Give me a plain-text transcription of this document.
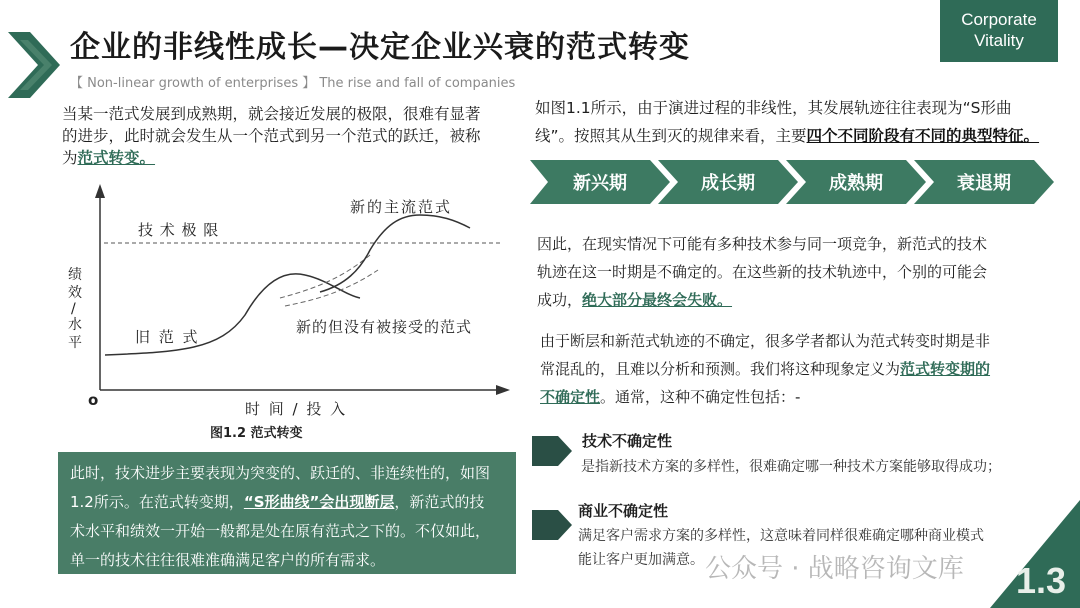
企业的非线性成长—决定企业兴衰的范式转变
【 Non-linear growth of enterprises 】 The rise and fall of companies
Corporate
Vitality
当某一范式发展到成熟期，就会接近发展的极限，很难有显著
的进步，此时就会发生从一个范式到另一个范式的跃迁，被称
为范式转变。
技 术 极 限
新的主流范式
旧 范 式
新的但没有被接受的范式
绩
效
/
水
平
o	时 间 / 投 入
图1.2 范式转变
此时，技术进步主要表现为突变的、跃迁的、非连续性的，如图
1.2所示。在范式转变期，“S形曲线”会出现断层，新范式的技
术水平和绩效一开始一般都是处在原有范式之下的。不仅如此，
单一的技术往往很难准确满足客户的所有需求。
如图1.1所示，由于演进过程的非线性，其发展轨迹往往表现为“S形曲
线”。按照其从生到灭的规律来看，主要四个不同阶段有不同的典型特征。
新兴期	成长期	成熟期	衰退期
因此，在现实情况下可能有多种技术参与同一项竞争，新范式的技术
轨迹在这一时期是不确定的。在这些新的技术轨迹中，个别的可能会
成功，绝大部分最终会失败。
由于断层和新范式轨迹的不确定，很多学者都认为范式转变时期是非
常混乱的，且难以分析和预测。我们将这种现象定义为范式转变期的
不确定性。通常，这种不确定性包括：-
技术不确定性
是指新技术方案的多样性，很难确定哪一种技术方案能够取得成功；
商业不确定性
满足客户需求方案的多样性，这意味着同样很难确定哪种商业模式
能让客户更加满意。	1.3
公众号 · 战略咨询文库
